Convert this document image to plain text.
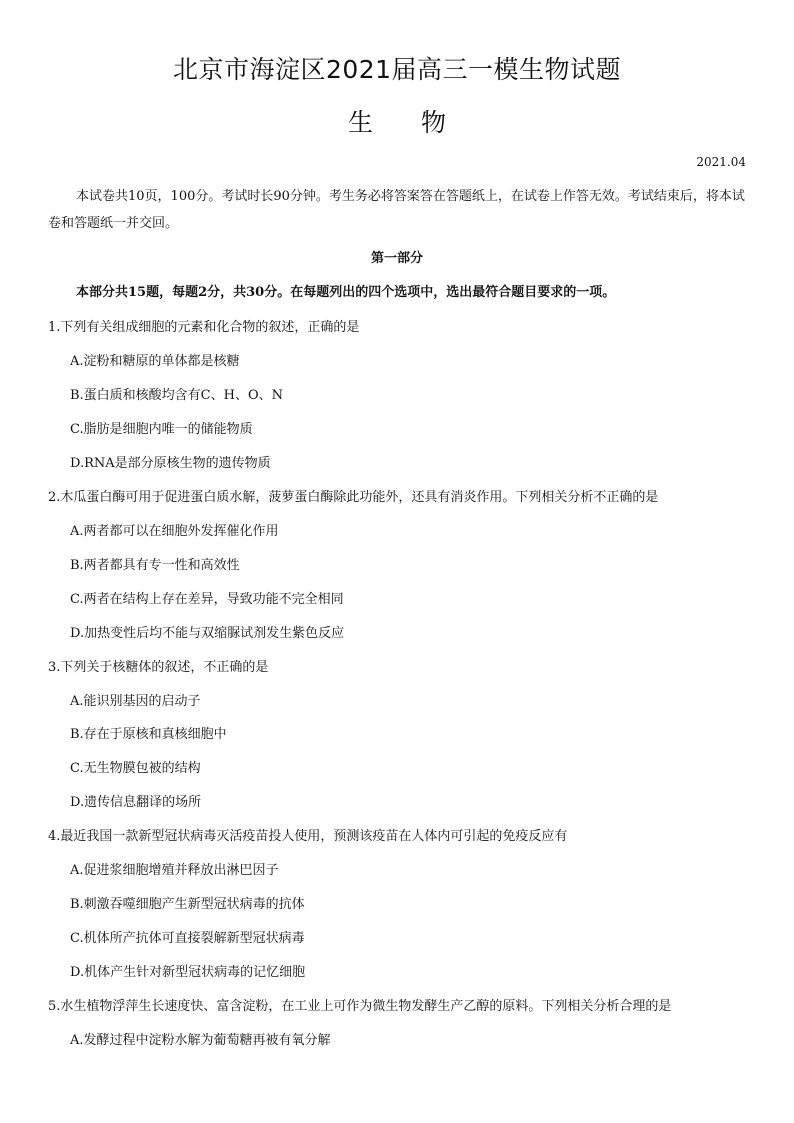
北京市海淀区2021届高三一模生物试题
生 物
2021.04
本试卷共10页，100分。考试时长90分钟。考生务必将答案答在答题纸上，在试卷上作答无效。考试结束后，将本试卷和答题纸一并交回。
第一部分
本部分共15题，每题2分，共30分。在每题列出的四个选项中，选出最符合题目要求的一项。
1.下列有关组成细胞的元素和化合物的叙述，正确的是
A.淀粉和糖原的单体都是核糖
B.蛋白质和核酸均含有C、H、O、N
C.脂肪是细胞内唯一的储能物质
D.RNA是部分原核生物的遗传物质
2.木瓜蛋白酶可用于促进蛋白质水解，菠萝蛋白酶除此功能外，还具有消炎作用。下列相关分析不正确的是
A.两者都可以在细胞外发挥催化作用
B.两者都具有专一性和高效性
C.两者在结构上存在差异，导致功能不完全相同
D.加热变性后均不能与双缩脲试剂发生紫色反应
3.下列关于核糖体的叙述，不正确的是
A.能识别基因的启动子
B.存在于原核和真核细胞中
C.无生物膜包被的结构
D.遗传信息翻译的场所
4.最近我国一款新型冠状病毒灭活疫苗投人使用，预测该疫苗在人体内可引起的免疫反应有
A.促进浆细胞增殖并释放出淋巴因子
B.刺激吞噬细胞产生新型冠状病毒的抗体
C.机体所产抗体可直接裂解新型冠状病毒
D.机体产生针对新型冠状病毒的记忆细胞
5.水生植物浮萍生长速度快、富含淀粉，在工业上可作为微生物发酵生产乙醇的原料。下列相关分析合理的是
A.发酵过程中淀粉水解为葡萄糖再被有氧分解
